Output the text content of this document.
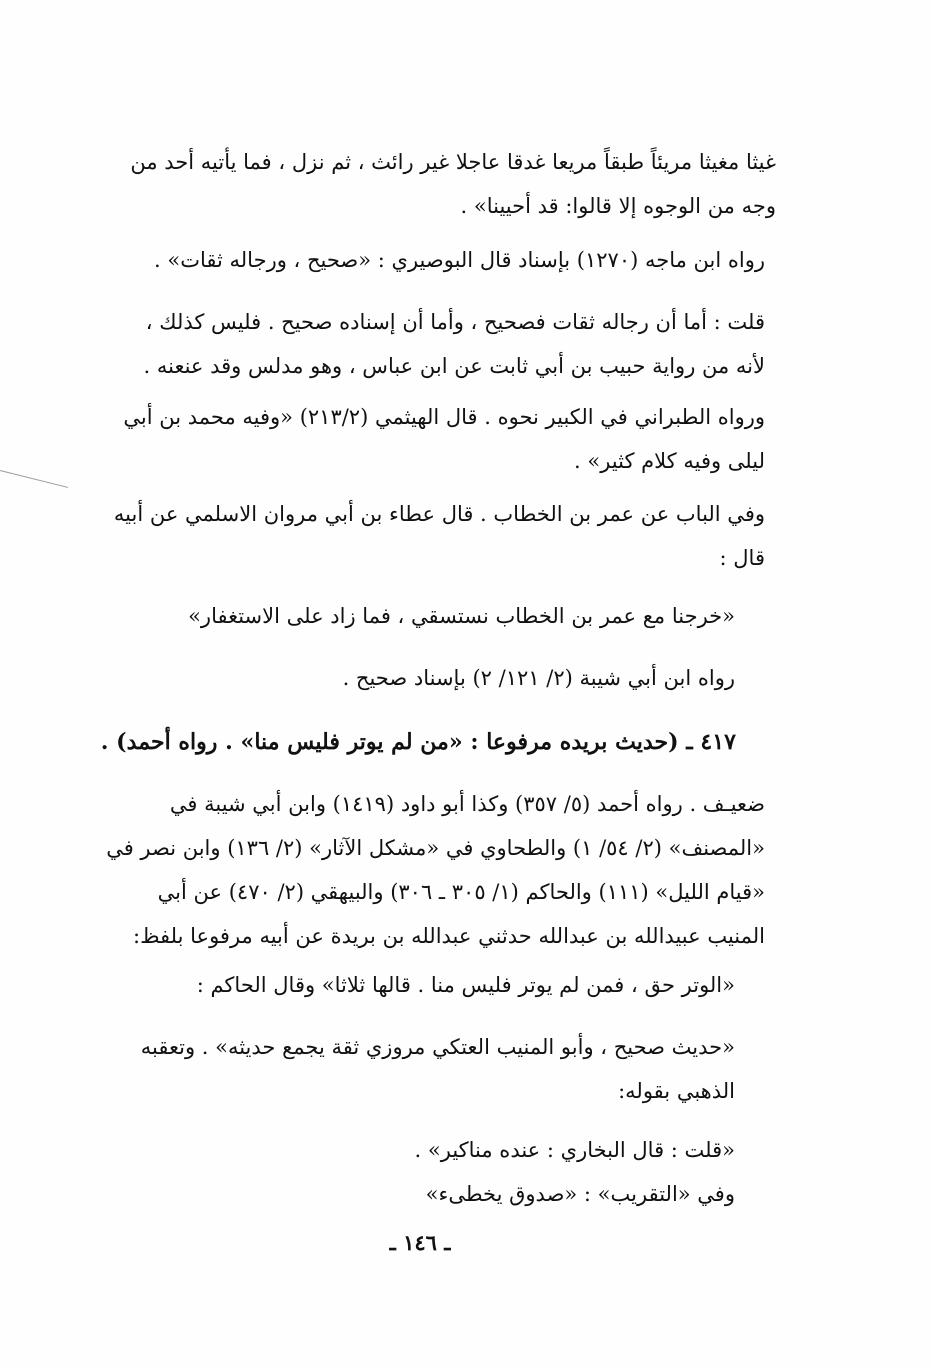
غيثا مغيثا مريئاً طبقاً مريعا غدقا عاجلا غير رائث ، ثم نزل ، فما يأتيه أحد من
وجه من الوجوه إلا قالوا: قد أحيينا» .
رواه ابن ماجه (١٢٧٠) بإسناد قال البوصيري : «صحيح ، ورجاله ثقات» .
قلت : أما أن رجاله ثقات فصحيح ، وأما أن إسناده صحيح . فليس كذلك ،
لأنه من رواية حبيب بن أبي ثابت عن ابن عباس ، وهو مدلس وقد عنعنه .
ورواه الطبراني في الكبير نحوه . قال الهيثمي (٢١٣/٢) «وفيه محمد بن أبي
ليلى وفيه كلام كثير» .
وفي الباب عن عمر بن الخطاب . قال عطاء بن أبي مروان الاسلمي عن أبيه
قال :
«خرجنا مع عمر بن الخطاب نستسقي ، فما زاد على الاستغفار»
رواه ابن أبي شيبة (٢/ ١٢١/ ٢) بإسناد صحيح .
٤١٧ ـ (حديث بريده مرفوعا : «من لم يوتر فليس منا» . رواه أحمد) .
ضعيـف . رواه أحمد (٥/ ٣٥٧) وكذا أبو داود (١٤١٩) وابن أبي شيبة في
«المصنف» (٢/ ٥٤/ ١) والطحاوي في «مشكل الآثار» (٢/ ١٣٦) وابن نصر في
«قيام الليل» (١١١) والحاكم (١/ ٣٠٥ ـ ٣٠٦) والبيهقي (٢/ ٤٧٠) عن أبي
المنيب عبيدالله بن عبدالله حدثني عبدالله بن بريدة عن أبيه مرفوعا بلفظ:
«الوتر حق ، فمن لم يوتر فليس منا . قالها ثلاثا» وقال الحاكم :
«حديث صحيح ، وأبو المنيب العتكي مروزي ثقة يجمع حديثه» . وتعقبه
الذهبي بقوله:
«قلت : قال البخاري : عنده مناكير» .
وفي «التقريب» : «صدوق يخطىء»
ـ ١٤٦ ـ
